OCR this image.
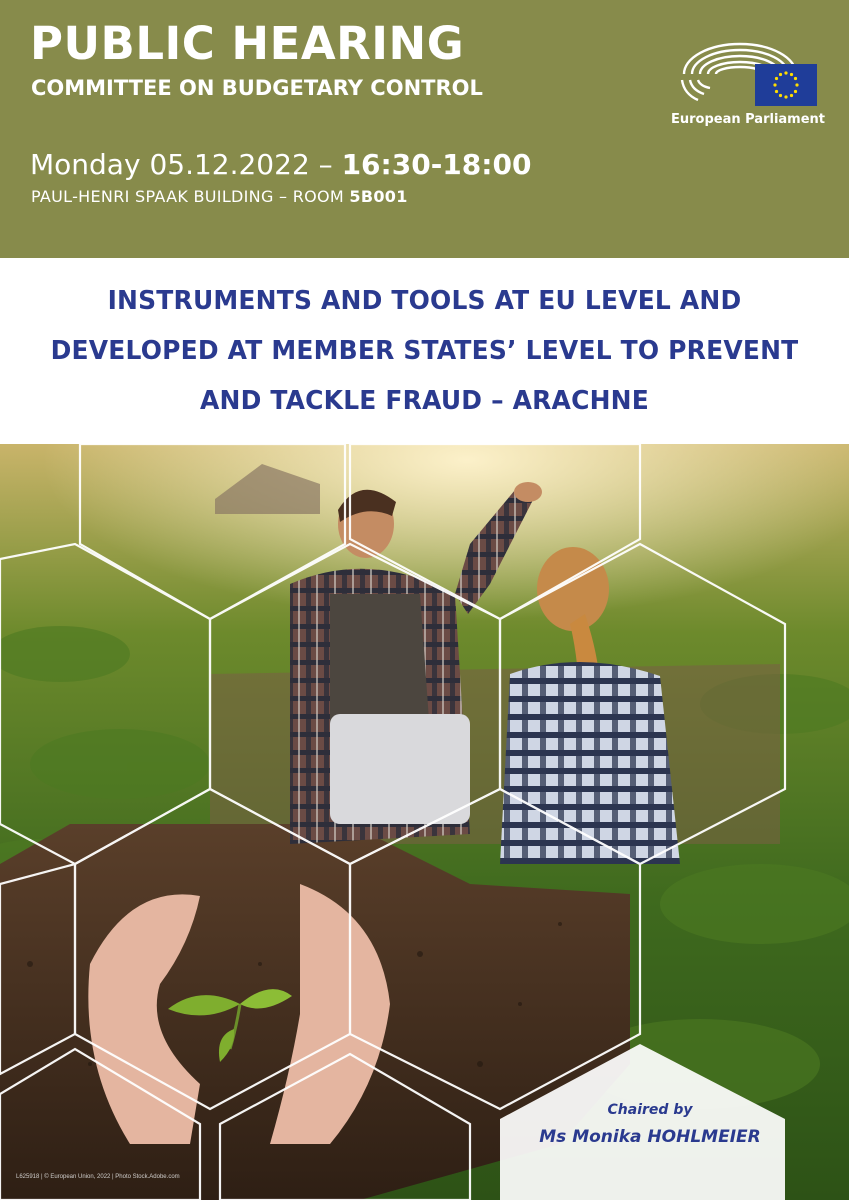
PUBLIC HEARING
COMMITTEE ON BUDGETARY CONTROL
Monday 05.12.2022 – 16:30-18:00
PAUL-HENRI SPAAK BUILDING – ROOM 5B001
European Parliament
INSTRUMENTS AND TOOLS AT EU LEVEL AND
DEVELOPED AT MEMBER STATES’ LEVEL TO PREVENT
AND TACKLE FRAUD – ARACHNE
Chaired by
Ms Monika HOHLMEIER
L625918 | © European Union, 2022 | Photo Stock.Adobe.com
